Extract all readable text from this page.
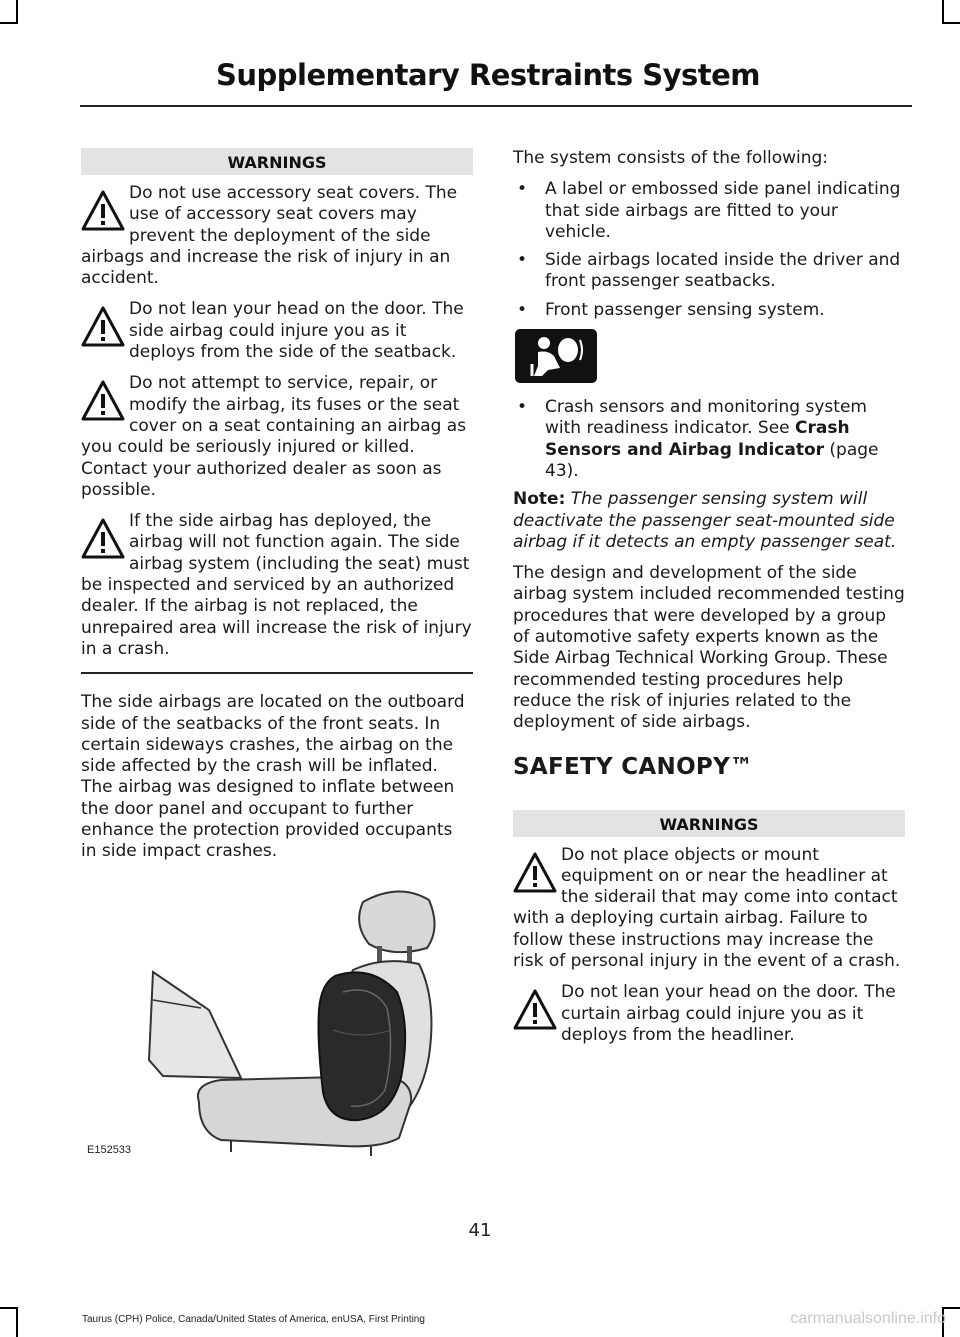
Supplementary Restraints System
WARNINGS
Do not use accessory seat covers. The use of accessory seat covers may prevent the deployment of the side airbags and increase the risk of injury in an accident.
Do not lean your head on the door. The side airbag could injure you as it deploys from the side of the seatback.
Do not attempt to service, repair, or modify the airbag, its fuses or the seat cover on a seat containing an airbag as you could be seriously injured or killed. Contact your authorized dealer as soon as possible.
If the side airbag has deployed, the airbag will not function again. The side airbag system (including the seat) must be inspected and serviced by an authorized dealer. If the airbag is not replaced, the unrepaired area will increase the risk of injury in a crash.

The side airbags are located on the outboard side of the seatbacks of the front seats. In certain sideways crashes, the airbag on the side affected by the crash will be inflated. The airbag was designed to inflate between the door panel and occupant to further enhance the protection provided occupants in side impact crashes.

E152533

The system consists of the following:

• A label or embossed side panel indicating that side airbags are fitted to your vehicle.
• Side airbags located inside the driver and front passenger seatbacks.
• Front passenger sensing system.
• Crash sensors and monitoring system with readiness indicator. See Crash Sensors and Airbag Indicator (page 43).

Note: The passenger sensing system will deactivate the passenger seat-mounted side airbag if it detects an empty passenger seat.

The design and development of the side airbag system included recommended testing procedures that were developed by a group of automotive safety experts known as the Side Airbag Technical Working Group. These recommended testing procedures help reduce the risk of injuries related to the deployment of side airbags.

SAFETY CANOPY™
WARNINGS
Do not place objects or mount equipment on or near the headliner at the siderail that may come into contact with a deploying curtain airbag. Failure to follow these instructions may increase the risk of personal injury in the event of a crash.
Do not lean your head on the door. The curtain airbag could injure you as it deploys from the headliner.
41
Taurus (CPH) Police, Canada/United States of America, enUSA, First Printing	carmanualsonline.info
